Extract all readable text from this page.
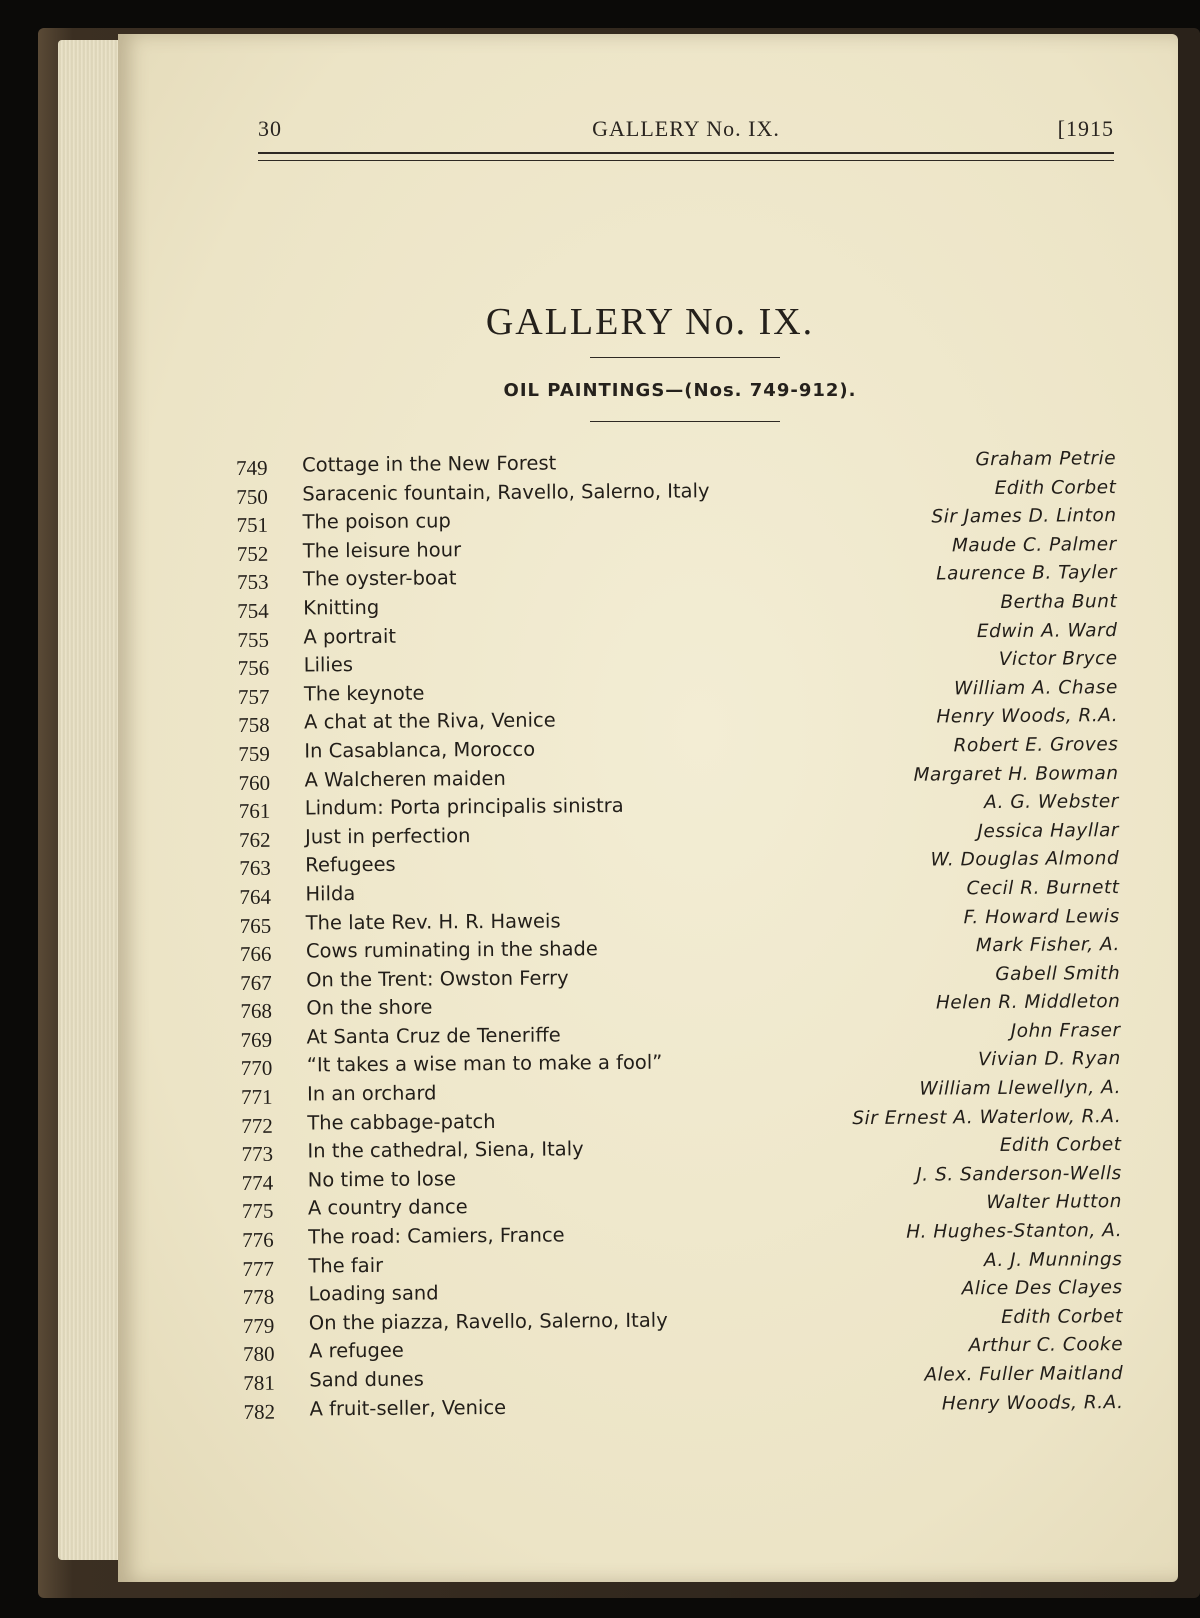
30	GALLERY No. IX.	[1915
GALLERY No. IX.
OIL PAINTINGS—(Nos. 749-912).
749	Cottage in the New Forest	Graham Petrie
750	Saracenic fountain, Ravello, Salerno, Italy	Edith Corbet
751	The poison cup	Sir James D. Linton
752	The leisure hour	Maude C. Palmer
753	The oyster-boat	Laurence B. Tayler
754	Knitting	Bertha Bunt
755	A portrait	Edwin A. Ward
756	Lilies	Victor Bryce
757	The keynote	William A. Chase
758	A chat at the Riva, Venice	Henry Woods, R.A.
759	In Casablanca, Morocco	Robert E. Groves
760	A Walcheren maiden	Margaret H. Bowman
761	Lindum: Porta principalis sinistra	A. G. Webster
762	Just in perfection	Jessica Hayllar
763	Refugees	W. Douglas Almond
764	Hilda	Cecil R. Burnett
765	The late Rev. H. R. Haweis	F. Howard Lewis
766	Cows ruminating in the shade	Mark Fisher, A.
767	On the Trent: Owston Ferry	Gabell Smith
768	On the shore	Helen R. Middleton
769	At Santa Cruz de Teneriffe	John Fraser
770	“It takes a wise man to make a fool”	Vivian D. Ryan
771	In an orchard	William Llewellyn, A.
772	The cabbage-patch	Sir Ernest A. Waterlow, R.A.
773	In the cathedral, Siena, Italy	Edith Corbet
774	No time to lose	J. S. Sanderson-Wells
775	A country dance	Walter Hutton
776	The road: Camiers, France	H. Hughes-Stanton, A.
777	The fair	A. J. Munnings
778	Loading sand	Alice Des Clayes
779	On the piazza, Ravello, Salerno, Italy	Edith Corbet
780	A refugee	Arthur C. Cooke
781	Sand dunes	Alex. Fuller Maitland
782	A fruit-seller, Venice	Henry Woods, R.A.
